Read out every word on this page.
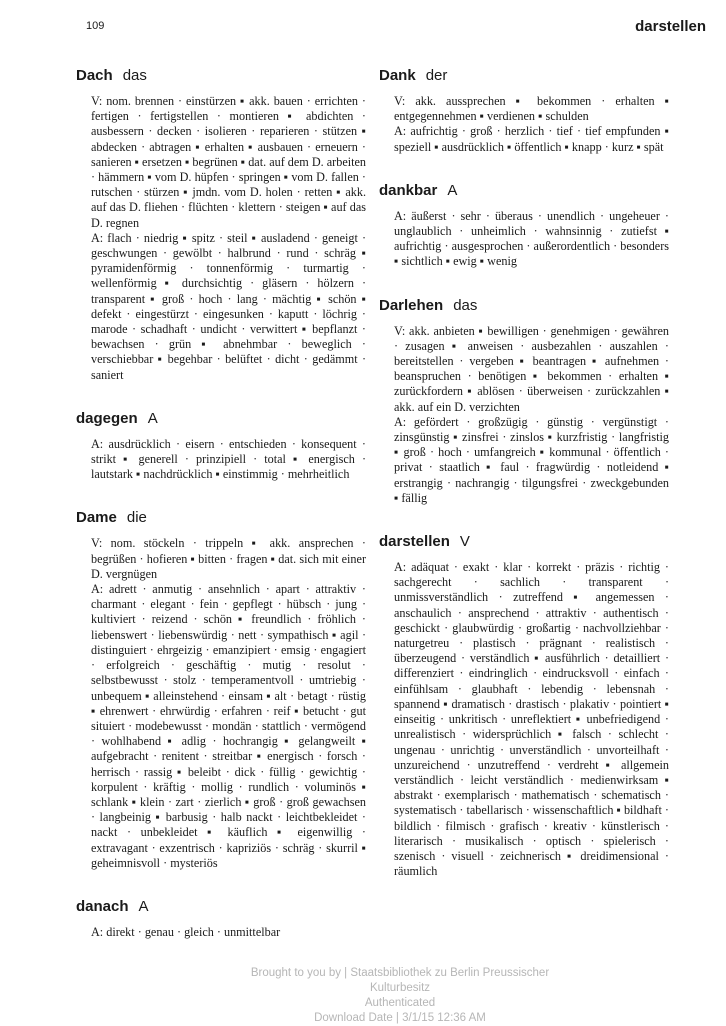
109	darstellen
Dach das
V: nom. brennen · einstürzen ▪ akk. bauen · errichten · fertigen · fertigstellen · montieren ▪ abdichten · ausbessern · decken · isolieren · reparieren · stützen ▪ abdecken · abtragen ▪ erhalten ▪ ausbauen · erneuern · sanieren ▪ ersetzen ▪ begrünen ▪ dat. auf dem D. arbeiten · hämmern ▪ vom D. hüpfen · springen ▪ vom D. fallen · rutschen · stürzen ▪ jmdn. vom D. holen · retten ▪ akk. auf das D. fliehen · flüchten · klettern · steigen ▪ auf das D. regnen
A: flach · niedrig ▪ spitz · steil ▪ ausladend · geneigt · geschwungen · gewölbt · halbrund · rund · schräg ▪ pyramidenförmig · tonnenförmig · turmartig · wellenförmig ▪ durchsichtig · gläsern · hölzern · transparent ▪ groß · hoch · lang · mächtig ▪ schön ▪ defekt · eingestürzt · eingesunken · kaputt · löchrig · marode · schadhaft · undicht · verwittert ▪ bepflanzt · bewachsen · grün ▪ abnehmbar · beweglich · verschiebbar ▪ begehbar · belüftet · dicht · gedämmt · saniert
dagegen A
A: ausdrücklich · eisern · entschieden · konsequent · strikt ▪ generell · prinzipiell · total ▪ energisch · lautstark ▪ nachdrücklich ▪ einstimmig · mehrheitlich
Dame die
V: nom. stöckeln · trippeln ▪ akk. ansprechen · begrüßen · hofieren ▪ bitten · fragen ▪ dat. sich mit einer D. vergnügen
A: adrett · anmutig · ansehnlich · apart · attraktiv · charmant · elegant · fein · gepflegt · hübsch · jung · kultiviert · reizend · schön ▪ freundlich · fröhlich · liebenswert · liebenswürdig · nett · sympathisch ▪ agil · distinguiert · ehrgeizig · emanzipiert · emsig · engagiert · erfolgreich · geschäftig · mutig · resolut · selbstbewusst · stolz · temperamentvoll · umtriebig · unbequem ▪ alleinstehend · einsam ▪ alt · betagt · rüstig ▪ ehrenwert · ehrwürdig · erfahren · reif ▪ betucht · gut situiert · modebewusst · mondän · stattlich · vermögend · wohlhabend ▪ adlig · hochrangig ▪ gelangweilt ▪ aufgebracht · renitent · streitbar ▪ energisch · forsch · herrisch · rassig ▪ beleibt · dick · füllig · gewichtig · korpulent · kräftig · mollig · rundlich · voluminös ▪ schlank ▪ klein · zart · zierlich ▪ groß · groß gewachsen · langbeinig ▪ barbusig · halb nackt · leichtbekleidet · nackt · unbekleidet ▪ käuflich ▪ eigenwillig · extravagant · exzentrisch · kapriziös · schräg · skurril ▪ geheimnisvoll · mysteriös
danach A
A: direkt · genau · gleich · unmittelbar
Dank der
V: akk. aussprechen ▪ bekommen · erhalten ▪ entgegennehmen ▪ verdienen ▪ schulden
A: aufrichtig · groß · herzlich · tief · tief empfunden ▪ speziell ▪ ausdrücklich ▪ öffentlich ▪ knapp · kurz ▪ spät
dankbar A
A: äußerst · sehr · überaus · unendlich · ungeheuer · unglaublich · unheimlich · wahnsinnig · zutiefst ▪ aufrichtig · ausgesprochen · außerordentlich · besonders ▪ sichtlich ▪ ewig ▪ wenig
Darlehen das
V: akk. anbieten ▪ bewilligen · genehmigen · gewähren · zusagen ▪ anweisen · ausbezahlen · auszahlen · bereitstellen · vergeben ▪ beantragen ▪ aufnehmen · beanspruchen · benötigen ▪ bekommen · erhalten ▪ zurückfordern ▪ ablösen · überweisen · zurückzahlen ▪ akk. auf ein D. verzichten
A: gefördert · großzügig · günstig · vergünstigt · zinsgünstig ▪ zinsfrei · zinslos ▪ kurzfristig · langfristig ▪ groß · hoch · umfangreich ▪ kommunal · öffentlich · privat · staatlich ▪ faul · fragwürdig · notleidend ▪ erstrangig · nachrangig · tilgungsfrei · zweckgebunden ▪ fällig
darstellen V
A: adäquat · exakt · klar · korrekt · präzis · richtig · sachgerecht · sachlich · transparent · unmissverständlich · zutreffend ▪ angemessen · anschaulich · ansprechend · attraktiv · authentisch · geschickt · glaubwürdig · großartig · nachvollziehbar · naturgetreu · plastisch · prägnant · realistisch · überzeugend · verständlich ▪ ausführlich · detailliert · differenziert · eindringlich · eindrucksvoll · einfach · einfühlsam · glaubhaft · lebendig · lebensnah · spannend ▪ dramatisch · drastisch · plakativ · pointiert ▪ einseitig · unkritisch · unreflektiert ▪ unbefriedigend · unrealistisch · widersprüchlich ▪ falsch · schlecht · ungenau · unrichtig · unverständlich · unvorteilhaft · unzureichend · unzutreffend · verdreht ▪ allgemein verständlich · leicht verständlich · medienwirksam ▪ abstrakt · exemplarisch · mathematisch · schematisch · systematisch · tabellarisch · wissenschaftlich ▪ bildhaft · bildlich · filmisch · grafisch · kreativ · künstlerisch · literarisch · musikalisch · optisch · spielerisch · szenisch · visuell · zeichnerisch ▪ dreidimensional · räumlich
Brought to you by | Staatsbibliothek zu Berlin Preussischer Kulturbesitz
Authenticated
Download Date | 3/1/15 12:36 AM
